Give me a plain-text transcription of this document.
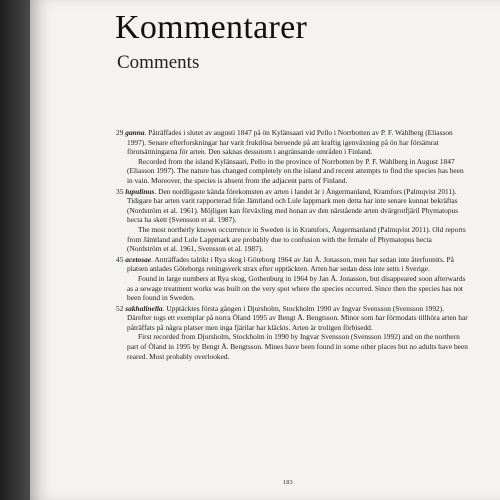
Kommentarer
Comments
29 ganna. Påträffades i slutet av augusti 1847 på ön Kylänsaari vid Pello i Norrbotten av P. F. Wahlberg (Eliasson 1997). Senare efterforskningar har varit fruktlösa beroende på att kraftig igenväxning på ön har försämrat förutsättningarna för arten. Den saknas dessutom i angränsande områden i Finland.
Recorded from the island Kylänsaari, Pello in the province of Norrbotten by P. F. Wahlberg in August 1847 (Eliasson 1997). The nature has changed completely on the island and recent attempts to find the species has been in vain. Moreover, the species is absent from the adjacent parts of Finland.
35 lupulinus. Den nordligaste kända förekomsten av arten i landet är i Ångermanland, Kramfors (Palmqvist 2011). Tidigare har arten varit rapporterad från Jämtland och Lule lappmark men detta har inte senare kunnat bekräftas (Nordström et al. 1961). Möjligen kan förväxling med honan av den närstående arten dvärgrotfjäril Phymatopus hecta ha skett (Svensson et al. 1987).
The most northerly known occurrence in Sweden is in Kramfors, Ångermanland (Palmqvist 2011). Old reports from Jämtland and Lule Lappmark are probably due to confusion with the female of Phymatopus hecta (Nordström et al. 1961, Svensson et al. 1987).
45 acetosae. Anträffades talrikt i Rya skog i Göteborg 1964 av Jan Å. Jonasson, men har sedan inte återfunnits. På platsen anlades Göteborgs reningsverk strax efter upptäckten. Arten har sedan dess inte setts i Sverige.
Found in large numbers at Rya skog, Gothenburg in 1964 by Jan Å. Jonasson, but disappeared soon afterwards as a sewage treatment works was built on the very spot where the species occurred. Since then the species has not been found in Sweden.
52 sakhalinella. Upptäcktes första gången i Djursholm, Stockholm 1990 av Ingvar Svensson (Svensson 1992). Därefter togs ett exemplar på norra Öland 1995 av Bengt Å. Bengtsson. Minor som har förmodats tillhöra arten har påträffats på några platser men inga fjärilar har kläckts. Arten är troligen förbisedd.
First recorded from Djursholm, Stockholm in 1990 by Ingvar Svensson (Svensson 1992) and on the northern part of Öland in 1995 by Bengt Å. Bengtsson. Mines have been found in some other places but no adults have been reared. Most probably overlooked.
183
